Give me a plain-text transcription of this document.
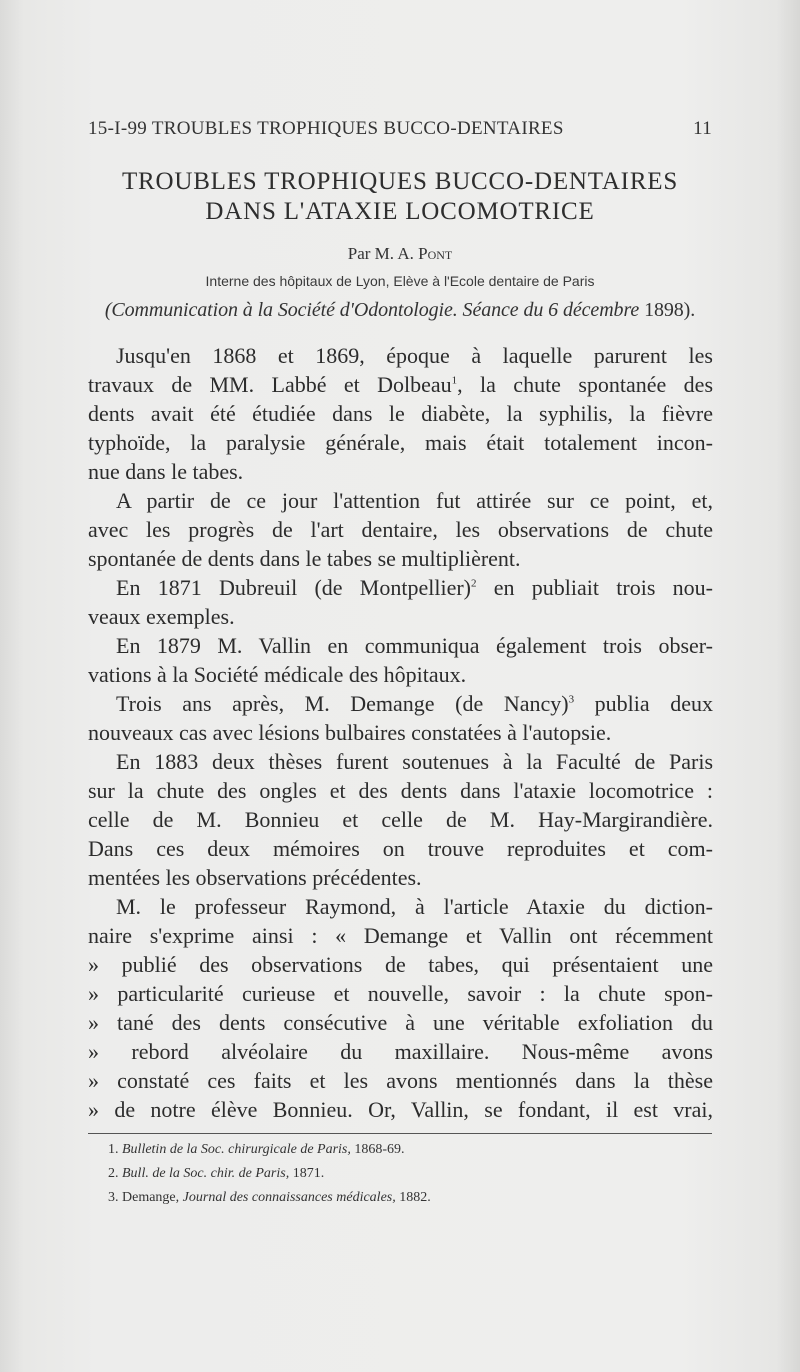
15-I-99 TROUBLES TROPHIQUES BUCCO-DENTAIRES	11
TROUBLES TROPHIQUES BUCCO-DENTAIRES
DANS L'ATAXIE LOCOMOTRICE
Par M. A. Pont
Interne des hôpitaux de Lyon, Elève à l'Ecole dentaire de Paris
(Communication à la Société d'Odontologie. Séance du 6 décembre 1898).

Jusqu'en 1868 et 1869, époque à laquelle parurent les
travaux de MM. Labbé et Dolbeau$^1$, la chute spontanée des
dents avait été étudiée dans le diabète, la syphilis, la fièvre
typhoïde, la paralysie générale, mais était totalement incon-
nue dans le tabes.

A partir de ce jour l'attention fut attirée sur ce point, et,
avec les progrès de l'art dentaire, les observations de chute
spontanée de dents dans le tabes se multiplièrent.

En 1871 Dubreuil (de Montpellier)$^2$ en publiait trois nou-
veaux exemples.

En 1879 M. Vallin en communiqua également trois obser-
vations à la Société médicale des hôpitaux.

Trois ans après, M. Demange (de Nancy)$^3$ publia deux
nouveaux cas avec lésions bulbaires constatées à l'autopsie.

En 1883 deux thèses furent soutenues à la Faculté de Paris
sur la chute des ongles et des dents dans l'ataxie locomotrice :
celle de M. Bonnieu et celle de M. Hay-Margirandière.
Dans ces deux mémoires on trouve reproduites et com-
mentées les observations précédentes.

M. le professeur Raymond, à l'article Ataxie du diction-
naire s'exprime ainsi : « Demange et Vallin ont récemment
» publié des observations de tabes, qui présentaient une
» particularité curieuse et nouvelle, savoir : la chute spon-
» tané des dents consécutive à une véritable exfoliation du
» rebord alvéolaire du maxillaire. Nous-même avons
» constaté ces faits et les avons mentionnés dans la thèse
» de notre élève Bonnieu. Or, Vallin, se fondant, il est vrai,

1. Bulletin de la Soc. chirurgicale de Paris, 1868-69.
2. Bull. de la Soc. chir. de Paris, 1871.
3. Demange, Journal des connaissances médicales, 1882.
